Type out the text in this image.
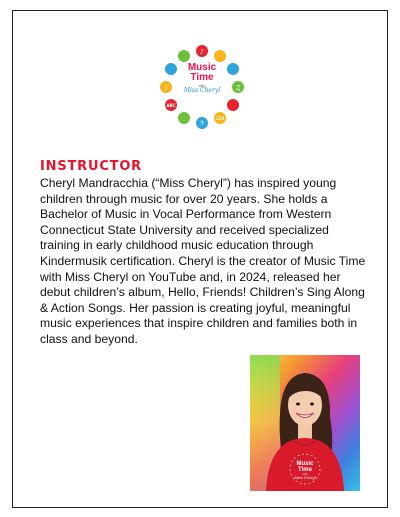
♪
♫
123
𝄢
ABC
♩
Music
Time
with
Miss Cheryl
INSTRUCTOR

Cheryl Mandracchia (“Miss Cheryl”) has inspired young children through music for over 20 years. She holds a Bachelor of Music in Vocal Performance from Western Connecticut State University and received specialized training in early childhood music education through Kindermusik certification. Cheryl is the creator of Music Time with Miss Cheryl on YouTube and, in 2024, released her debut children’s album, Hello, Friends! Children’s Sing Along & Action Songs. Her passion is creating joyful, meaningful music experiences that inspire children and families both in class and beyond.

Music
Time
with
Miss Cheryl
